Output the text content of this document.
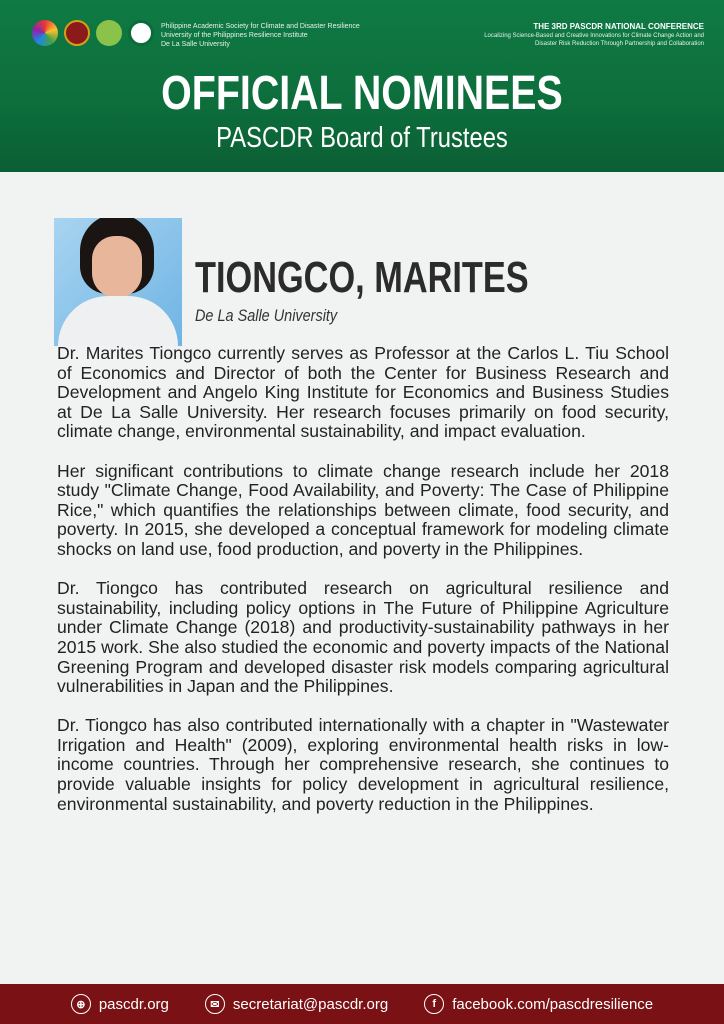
Philippine Academic Society for Climate and Disaster Resilience
University of the Philippines Resilience Institute
De La Salle University
THE 3RD PASCDR NATIONAL CONFERENCE
Localizing Science-Based and Creative Innovations for Climate Change Action and
Disaster Risk Reduction Through Partnership and Collaboration
OFFICIAL NOMINEES
PASCDR Board of Trustees
TIONGCO, MARITES
De La Salle University

Dr. Marites Tiongco currently serves as Professor at the Carlos L. Tiu School of Economics and Director of both the Center for Business Research and Development and Angelo King Institute for Economics and Business Studies at De La Salle University. Her research focuses primarily on food security, climate change, environmental sustainability, and impact evaluation.

Her significant contributions to climate change research include her 2018 study "Climate Change, Food Availability, and Poverty: The Case of Philippine Rice," which quantifies the relationships between climate, food security, and poverty. In 2015, she developed a conceptual framework for modeling climate shocks on land use, food production, and poverty in the Philippines.

Dr. Tiongco has contributed research on agricultural resilience and sustainability, including policy options in The Future of Philippine Agriculture under Climate Change (2018) and productivity-sustainability pathways in her 2015 work. She also studied the economic and poverty impacts of the National Greening Program and developed disaster risk models comparing agricultural vulnerabilities in Japan and the Philippines.

Dr. Tiongco has also contributed internationally with a chapter in "Wastewater Irrigation and Health" (2009), exploring environmental health risks in low-income countries. Through her comprehensive research, she continues to provide valuable insights for policy development in agricultural resilience, environmental sustainability, and poverty reduction in the Philippines.

⊕ pascdr.org	✉ secretariat@pascdr.org	f	facebook.com/pascdresilience
